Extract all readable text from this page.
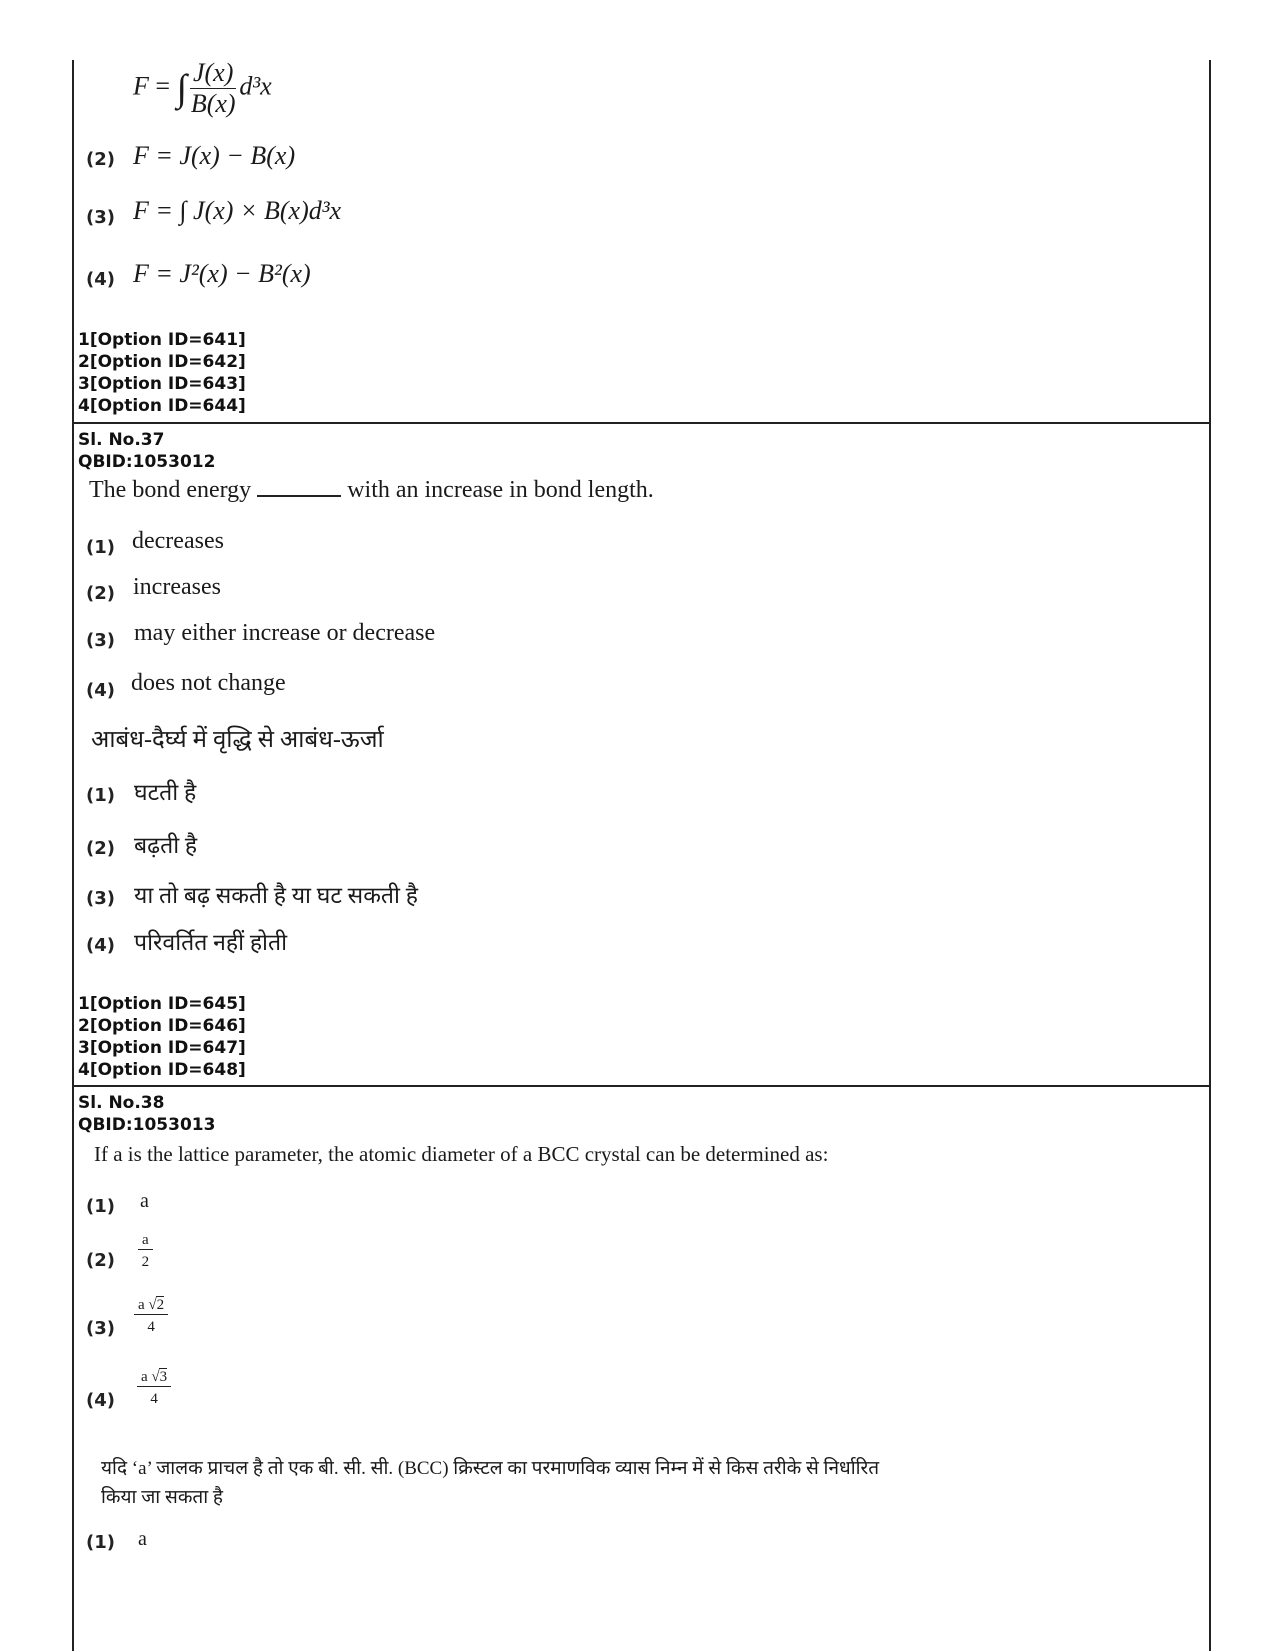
F = ∫ $\frac{J(x)}{B(x)} d^3x$
(2) F = J(x) − B(x)
(3) F = ∫ J(x) × B(x)d³x
(4) F = J²(x) − B²(x)
1[Option ID=641]
2[Option ID=642]
3[Option ID=643]
4[Option ID=644]
Sl. No.37
QBID:1053012
The bond energy	with an increase in bond length.
(1) decreases
(2) increases
(3) may either increase or decrease
(4) does not change
आबंध-दैर्घ्य में वृद्धि से आबंध-ऊर्जा
(1) घटती है
(2) बढ़ती है
(3) या तो बढ़ सकती है या घट सकती है
(4) परिवर्तित नहीं होती
1[Option ID=645]
2[Option ID=646]
3[Option ID=647]
4[Option ID=648]
Sl. No.38
QBID:1053013
If a is the lattice parameter, the atomic diameter of a BCC crystal can be determined as:
(1) a
$(2) \frac{a}{2}$
$(3) \frac{a √2}{4}$
$(4) \frac{a √3}{4}$
यदि ‘a’ जालक प्राचल है तो एक बी. सी. सी. (BCC) क्रिस्टल का परमाणविक व्यास निम्न में से किस तरीके से निर्धारित
किया जा सकता है
(1) a
